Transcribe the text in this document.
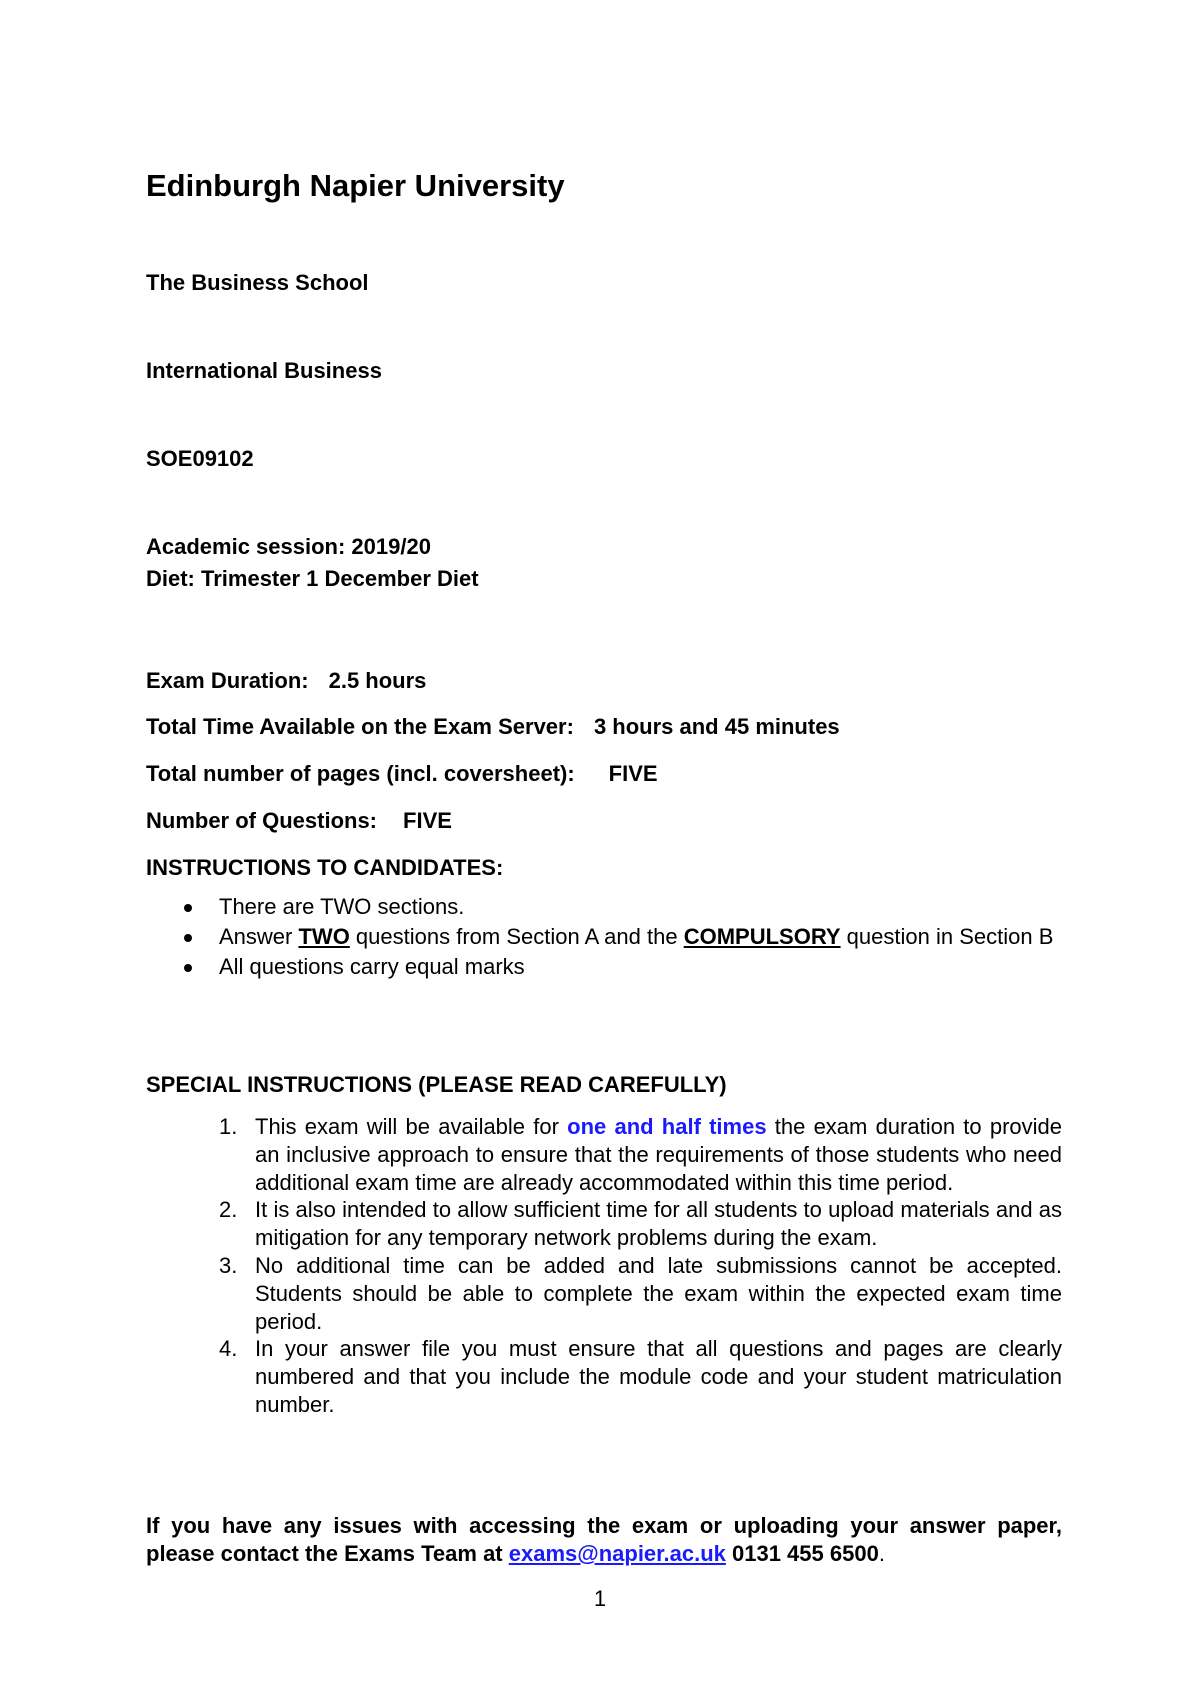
Edinburgh Napier University

The Business School

International Business

SOE09102

Academic session: 2019/20

Diet: Trimester 1 December Diet

Exam Duration: 2.5 hours

Total Time Available on the Exam Server: 3 hours and 45 minutes

Total number of pages (incl. coversheet): FIVE

Number of Questions: FIVE

INSTRUCTIONS TO CANDIDATES:

There are TWO sections.
Answer TWO questions from Section A and the COMPULSORY question in Section B
All questions carry equal marks

SPECIAL INSTRUCTIONS (PLEASE READ CAREFULLY)

1. This exam will be available for one and half times the exam duration to provide an inclusive approach to ensure that the requirements of those students who need additional exam time are already accommodated within this time period.
2. It is also intended to allow sufficient time for all students to upload materials and as mitigation for any temporary network problems during the exam.
3. No additional time can be added and late submissions cannot be accepted. Students should be able to complete the exam within the expected exam time period.
4. In your answer file you must ensure that all questions and pages are clearly numbered and that you include the module code and your student matriculation number.

If you have any issues with accessing the exam or uploading your answer paper, please contact the Exams Team at exams@napier.ac.uk 0131 455 6500.

1
